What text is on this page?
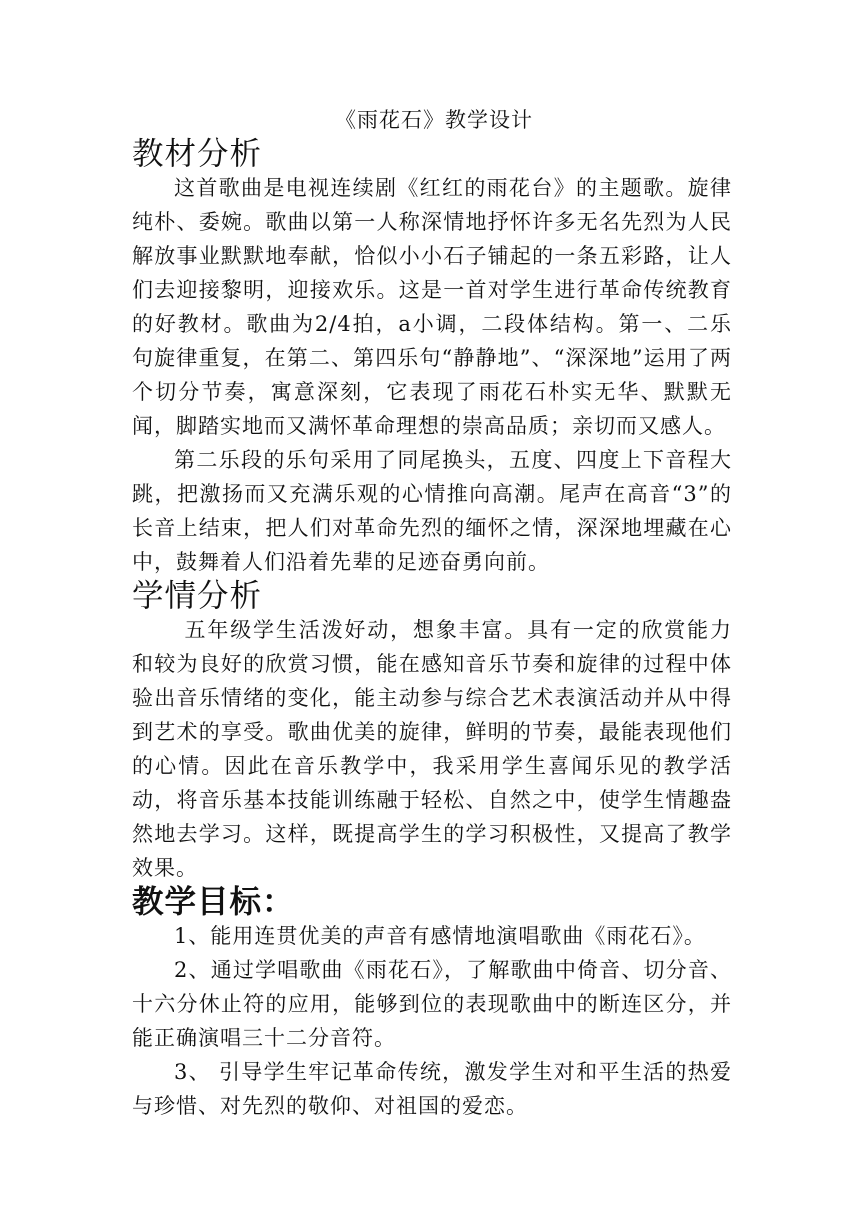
《雨花石》教学设计
教材分析

这首歌曲是电视连续剧《红红的雨花台》的主题歌。旋律纯朴、委婉。歌曲以第一人称深情地抒怀许多无名先烈为人民解放事业默默地奉献，恰似小小石子铺起的一条五彩路，让人们去迎接黎明，迎接欢乐。这是一首对学生进行革命传统教育的好教材。歌曲为2/4拍，a小调，二段体结构。第一、二乐句旋律重复，在第二、第四乐句“静静地”、“深深地”运用了两个切分节奏，寓意深刻，它表现了雨花石朴实无华、默默无闻，脚踏实地而又满怀革命理想的崇高品质；亲切而又感人。

第二乐段的乐句采用了同尾换头，五度、四度上下音程大跳，把激扬而又充满乐观的心情推向高潮。尾声在高音“3”的长音上结束，把人们对革命先烈的缅怀之情，深深地埋藏在心中，鼓舞着人们沿着先辈的足迹奋勇向前。

学情分析

五年级学生活泼好动，想象丰富。具有一定的欣赏能力和较为良好的欣赏习惯，能在感知音乐节奏和旋律的过程中体验出音乐情绪的变化，能主动参与综合艺术表演活动并从中得到艺术的享受。歌曲优美的旋律，鲜明的节奏，最能表现他们的心情。因此在音乐教学中，我采用学生喜闻乐见的教学活动，将音乐基本技能训练融于轻松、自然之中，使学生情趣盎然地去学习。这样，既提高学生的学习积极性，又提高了教学效果。

教学目标：

1、能用连贯优美的声音有感情地演唱歌曲《雨花石》。

2、通过学唱歌曲《雨花石》，了解歌曲中倚音、切分音、十六分休止符的应用，能够到位的表现歌曲中的断连区分，并能正确演唱三十二分音符。

3、 引导学生牢记革命传统，激发学生对和平生活的热爱与珍惜、对先烈的敬仰、对祖国的爱恋。
